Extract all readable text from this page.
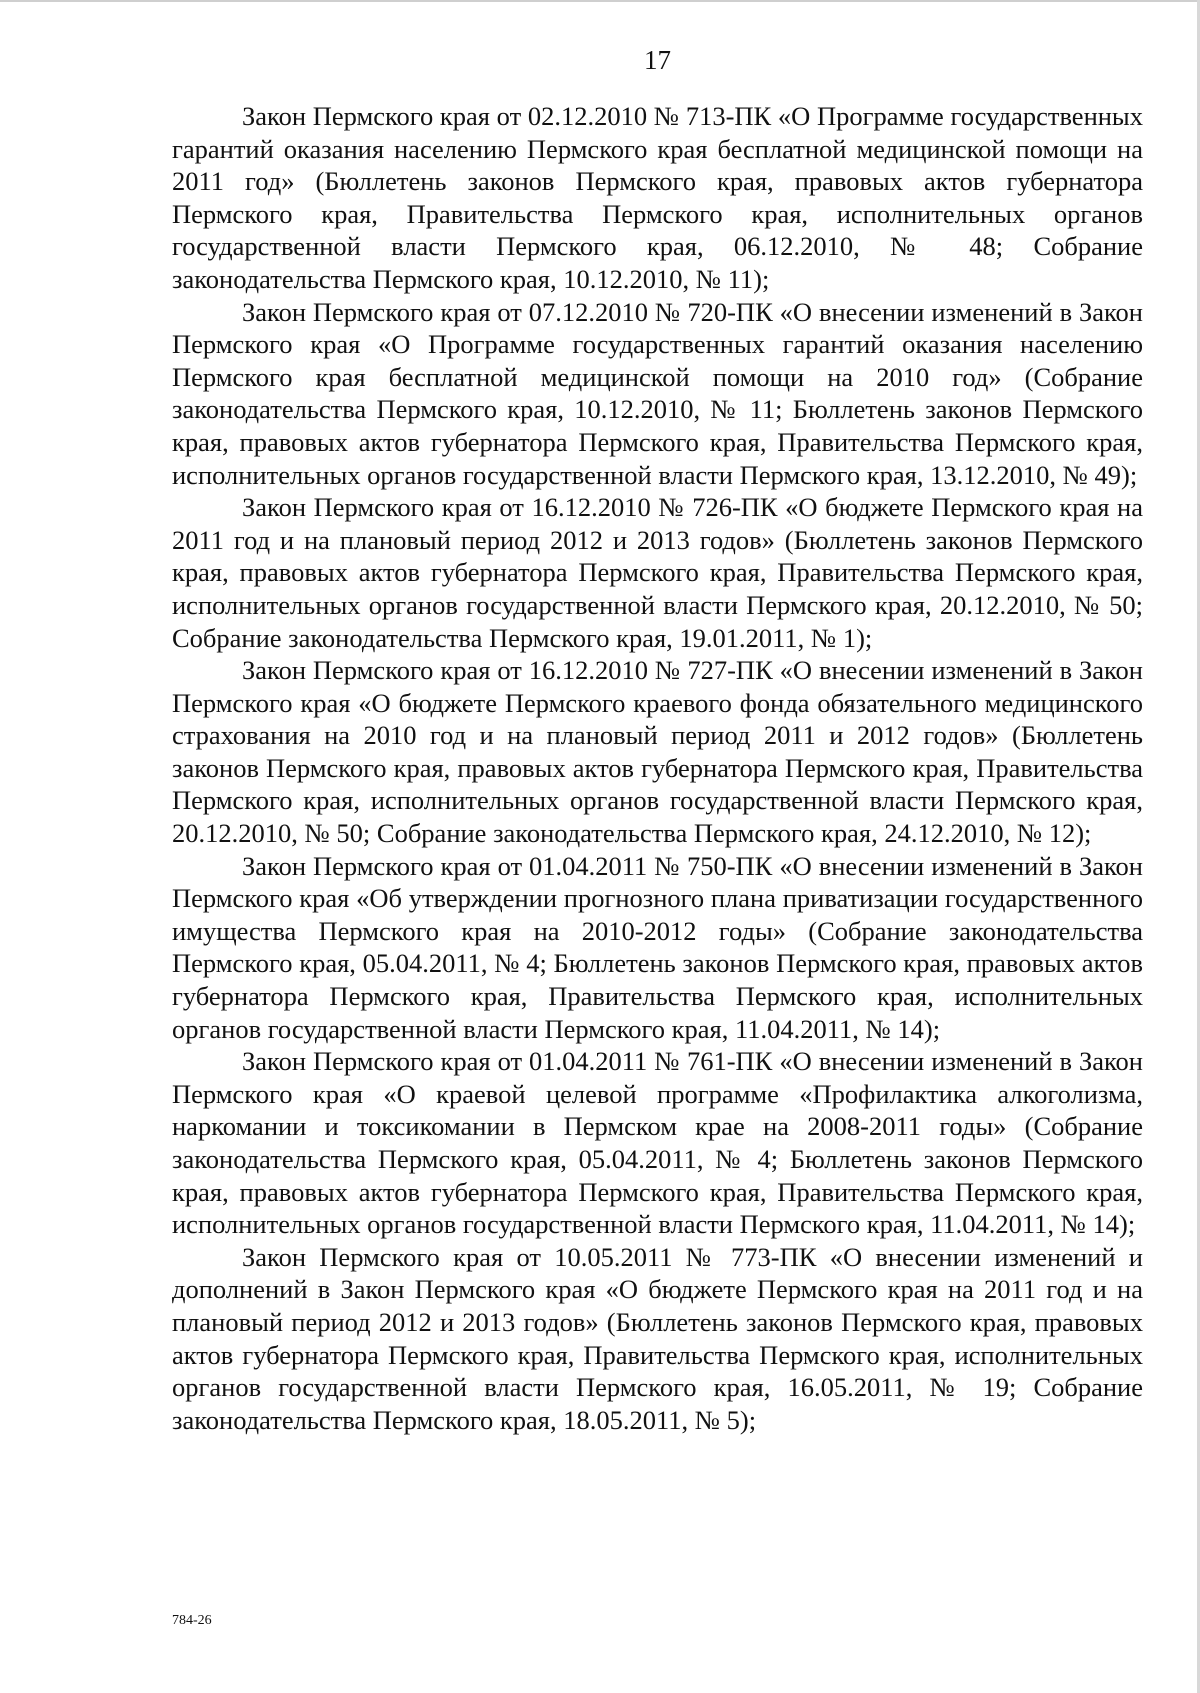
17

Закон Пермского края от 02.12.2010 № 713-ПК «О Программе государственных гарантий оказания населению Пермского края бесплатной медицинской помощи на 2011 год» (Бюллетень законов Пермского края, правовых актов губернатора Пермского края, Правительства Пермского края, исполнительных органов государственной власти Пермского края, 06.12.2010, № 48; Собрание законодательства Пермского края, 10.12.2010, № 11);

Закон Пермского края от 07.12.2010 № 720-ПК «О внесении изменений в Закон Пермского края «О Программе государственных гарантий оказания населению Пермского края бесплатной медицинской помощи на 2010 год» (Собрание законодательства Пермского края, 10.12.2010, № 11; Бюллетень законов Пермского края, правовых актов губернатора Пермского края, Правительства Пермского края, исполнительных органов государственной власти Пермского края, 13.12.2010, № 49);

Закон Пермского края от 16.12.2010 № 726-ПК «О бюджете Пермского края на 2011 год и на плановый период 2012 и 2013 годов» (Бюллетень законов Пермского края, правовых актов губернатора Пермского края, Правительства Пермского края, исполнительных органов государственной власти Пермского края, 20.12.2010, № 50; Собрание законодательства Пермского края, 19.01.2011, № 1);

Закон Пермского края от 16.12.2010 № 727-ПК «О внесении изменений в Закон Пермского края «О бюджете Пермского краевого фонда обязательного медицинского страхования на 2010 год и на плановый период 2011 и 2012 годов» (Бюллетень законов Пермского края, правовых актов губернатора Пермского края, Правительства Пермского края, исполнительных органов государственной власти Пермского края, 20.12.2010, № 50; Собрание законодательства Пермского края, 24.12.2010, № 12);

Закон Пермского края от 01.04.2011 № 750-ПК «О внесении изменений в Закон Пермского края «Об утверждении прогнозного плана приватизации государственного имущества Пермского края на 2010-2012 годы» (Собрание законодательства Пермского края, 05.04.2011, № 4; Бюллетень законов Пермского края, правовых актов губернатора Пермского края, Правительства Пермского края, исполнительных органов государственной власти Пермского края, 11.04.2011, № 14);

Закон Пермского края от 01.04.2011 № 761-ПК «О внесении изменений в Закон Пермского края «О краевой целевой программе «Профилактика алкоголизма, наркомании и токсикомании в Пермском крае на 2008-2011 годы» (Собрание законодательства Пермского края, 05.04.2011, № 4; Бюллетень законов Пермского края, правовых актов губернатора Пермского края, Правительства Пермского края, исполнительных органов государственной власти Пермского края, 11.04.2011, № 14);

Закон Пермского края от 10.05.2011 № 773-ПК «О внесении изменений и дополнений в Закон Пермского края «О бюджете Пермского края на 2011 год и на плановый период 2012 и 2013 годов» (Бюллетень законов Пермского края, правовых актов губернатора Пермского края, Правительства Пермского края, исполнительных органов государственной власти Пермского края, 16.05.2011, № 19; Собрание законодательства Пермского края, 18.05.2011, № 5);

784-26
